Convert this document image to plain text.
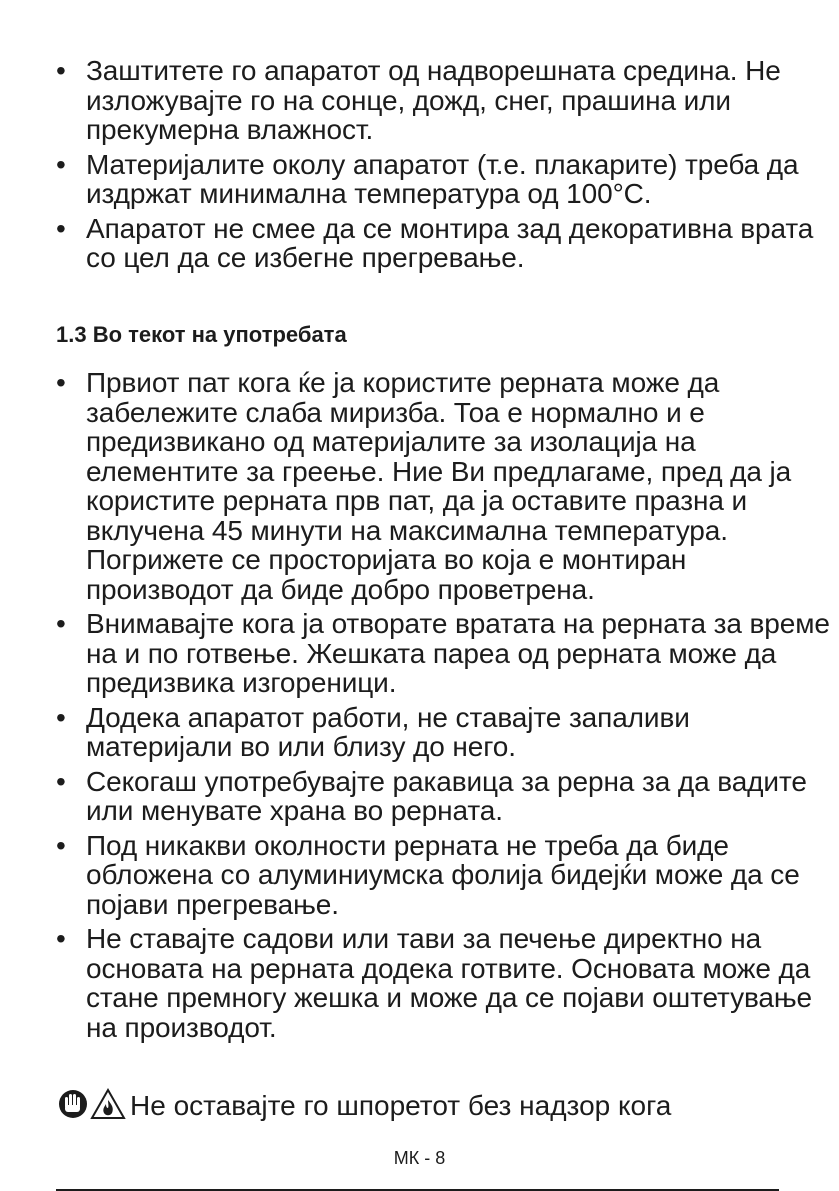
• Заштитете го апаратот од надворешната средина. Не изложувајте го на сонце, дожд, снег, прашина или прекумерна влажност.
• Материјалите околу апаратот (т.е. плакарите) треба да издржат минимална температура од 100°C.
• Апаратот не смее да се монтира зад декоративна врата со цел да се избегне прегревање.
1.3 Во текот на употребата
• Првиот пат кога ќе ја користите рерната може да забележите слаба миризба. Тоа е нормално и е предизвикано од материјалите за изолација на елементите за греење. Ние Ви предлагаме, пред да ја користите рерната прв пат, да ја оставите празна и вклучена 45 минути на максимална температура. Погрижете се просторијата во која е монтиран производот да биде добро проветрена.
• Внимавајте кога ја отворате вратата на рерната за време на и по готвење. Жешката пареа од рерната може да предизвика изгореници.
• Додека апаратот работи, не ставајте запаливи материјали во или близу до него.
• Секогаш употребувајте ракавица за рерна за да вадите или менувате храна во рерната.
• Под никакви околности рерната не треба да биде обложена со алуминиумска фолија бидејќи може да се појави прегревање.
• Не ставајте садови или тави за печење директно на основата на рерната додека готвите. Основата може да стане премногу жешка и може да се појави оштетување на производот.
Не оставајте го шпоретот без надзор кога
МК - 8
